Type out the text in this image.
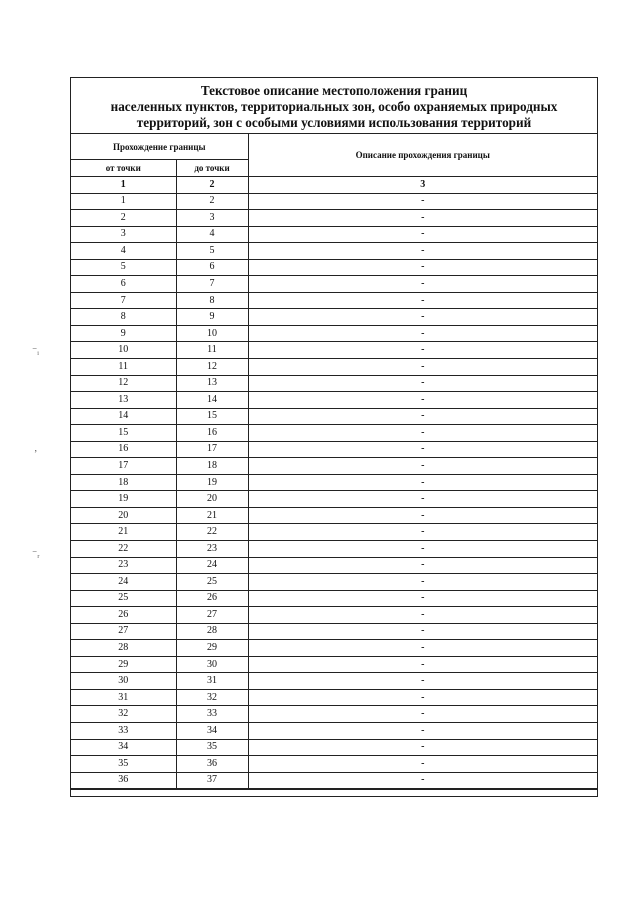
⁻ᵢ
ʼ
⁻ᵣ
Текстовое описание местоположения границ
населенных пунктов, территориальных зон, особо охраняемых природных
территорий, зон с особыми условиями использования территорий
Прохождение границы		Описание прохождения границы
от точки	до точки	
1	2	3
1	2	-
2	3	-
3	4	-
4	5	-
5	6	-
6	7	-
7	8	-
8	9	-
9	10	-
10	11	-
11	12	-
12	13	-
13	14	-
14	15	-
15	16	-
16	17	-
17	18	-
18	19	-
19	20	-
20	21	-
21	22	-
22	23	-
23	24	-
24	25	-
25	26	-
26	27	-
27	28	-
28	29	-
29	30	-
30	31	-
31	32	-
32	33	-
33	34	-
34	35	-
35	36	-
36	37	-
